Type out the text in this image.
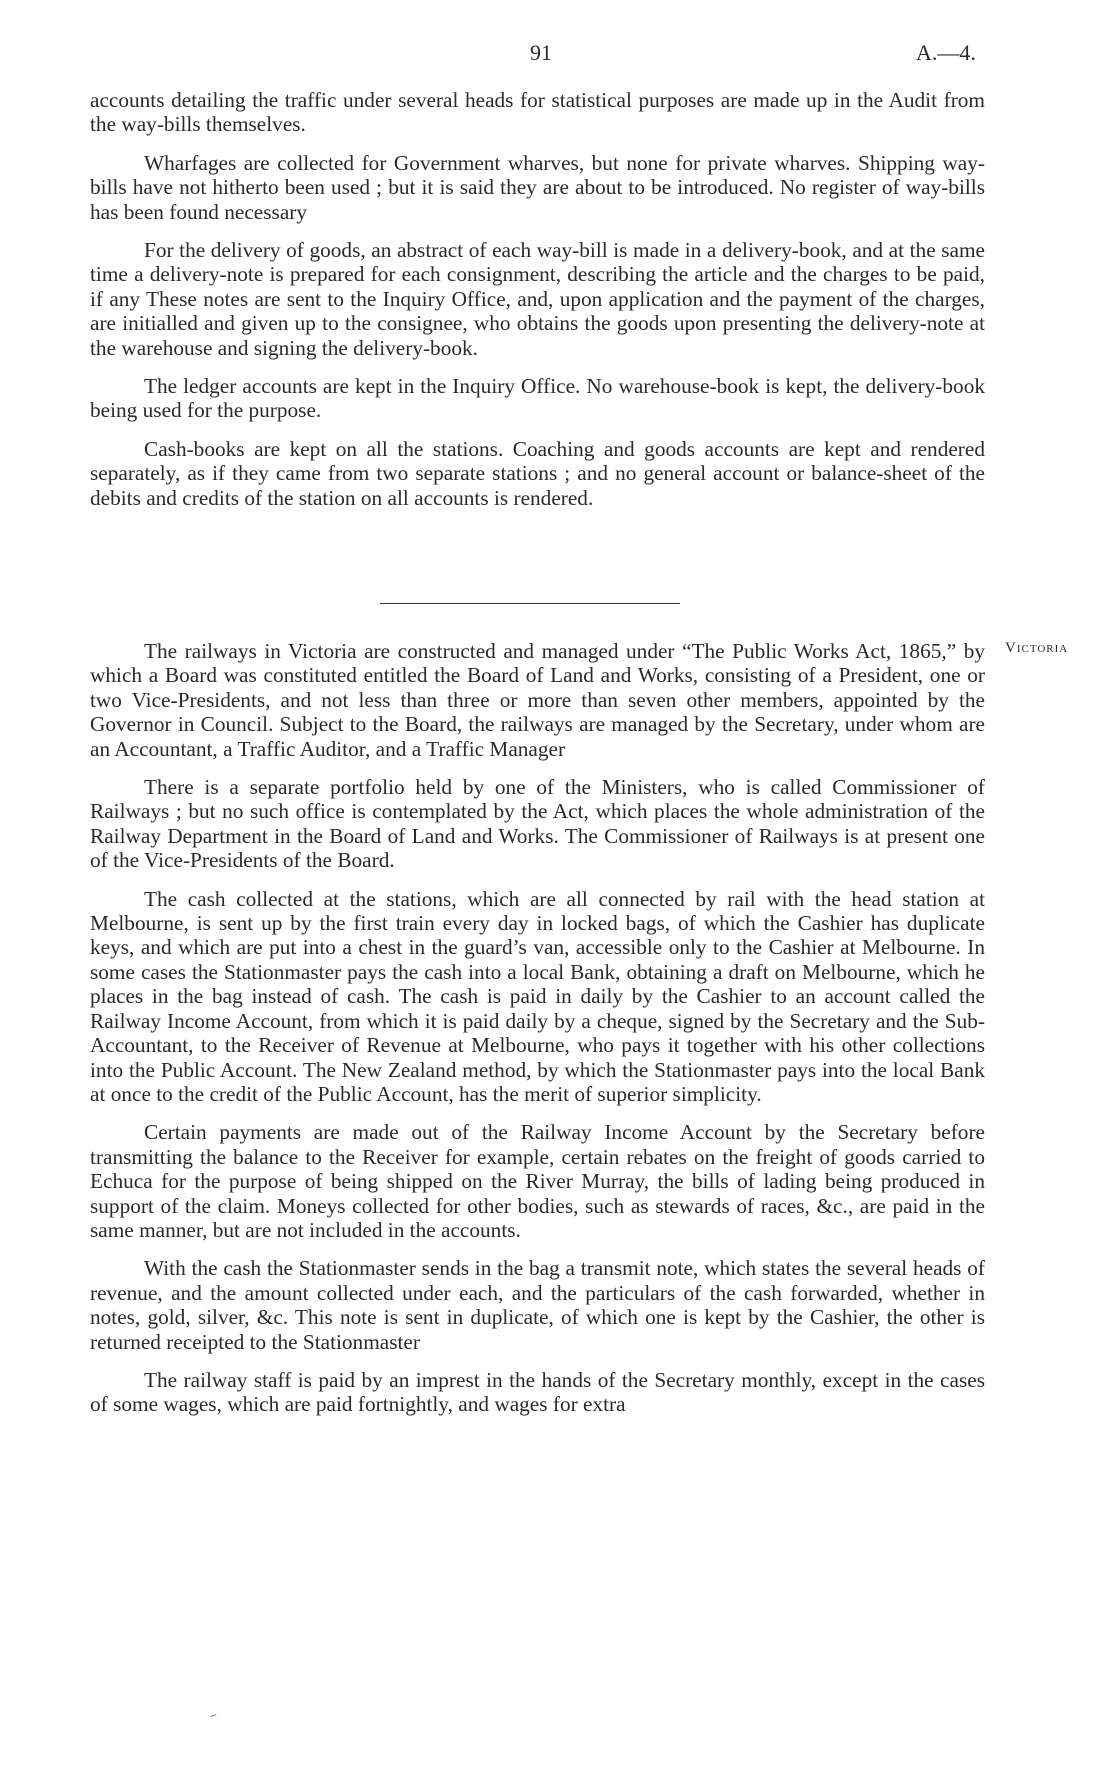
91	A.—4.

accounts detailing the traffic under several heads for statistical purposes are made up in the Audit from the way-bills themselves.

Wharfages are collected for Government wharves, but none for private wharves. Shipping way-bills have not hitherto been used ; but it is said they are about to be introduced. No register of way-bills has been found necessary

For the delivery of goods, an abstract of each way-bill is made in a delivery-book, and at the same time a delivery-note is prepared for each consignment, describing the article and the charges to be paid, if any These notes are sent to the Inquiry Office, and, upon application and the payment of the charges, are initialled and given up to the consignee, who obtains the goods upon presenting the delivery-note at the warehouse and signing the delivery-book.

The ledger accounts are kept in the Inquiry Office. No warehouse-book is kept, the delivery-book being used for the purpose.

Cash-books are kept on all the stations. Coaching and goods accounts are kept and rendered separately, as if they came from two separate stations ; and no general account or balance-sheet of the debits and credits of the station on all accounts is rendered.

Victoria

The railways in Victoria are constructed and managed under “The Public Works Act, 1865,” by which a Board was constituted entitled the Board of Land and Works, consisting of a President, one or two Vice-Presidents, and not less than three or more than seven other members, appointed by the Governor in Council. Subject to the Board, the railways are managed by the Secretary, under whom are an Accountant, a Traffic Auditor, and a Traffic Manager

There is a separate portfolio held by one of the Ministers, who is called Commissioner of Railways ; but no such office is contemplated by the Act, which places the whole administration of the Railway Department in the Board of Land and Works. The Commissioner of Railways is at present one of the Vice-Presidents of the Board.

The cash collected at the stations, which are all connected by rail with the head station at Melbourne, is sent up by the first train every day in locked bags, of which the Cashier has duplicate keys, and which are put into a chest in the guard’s van, accessible only to the Cashier at Melbourne. In some cases the Stationmaster pays the cash into a local Bank, obtaining a draft on Melbourne, which he places in the bag instead of cash. The cash is paid in daily by the Cashier to an account called the Railway Income Account, from which it is paid daily by a cheque, signed by the Secretary and the Sub-Accountant, to the Receiver of Revenue at Melbourne, who pays it together with his other collections into the Public Account. The New Zealand method, by which the Stationmaster pays into the local Bank at once to the credit of the Public Account, has the merit of superior simplicity.

Certain payments are made out of the Railway Income Account by the Secretary before transmitting the balance to the Receiver for example, certain rebates on the freight of goods carried to Echuca for the purpose of being shipped on the River Murray, the bills of lading being produced in support of the claim. Moneys collected for other bodies, such as stewards of races, &c., are paid in the same manner, but are not included in the accounts.

With the cash the Stationmaster sends in the bag a transmit note, which states the several heads of revenue, and the amount collected under each, and the particulars of the cash forwarded, whether in notes, gold, silver, &c. This note is sent in duplicate, of which one is kept by the Cashier, the other is returned receipted to the Stationmaster

The railway staff is paid by an imprest in the hands of the Secretary monthly, except in the cases of some wages, which are paid fortnightly, and wages for extra
